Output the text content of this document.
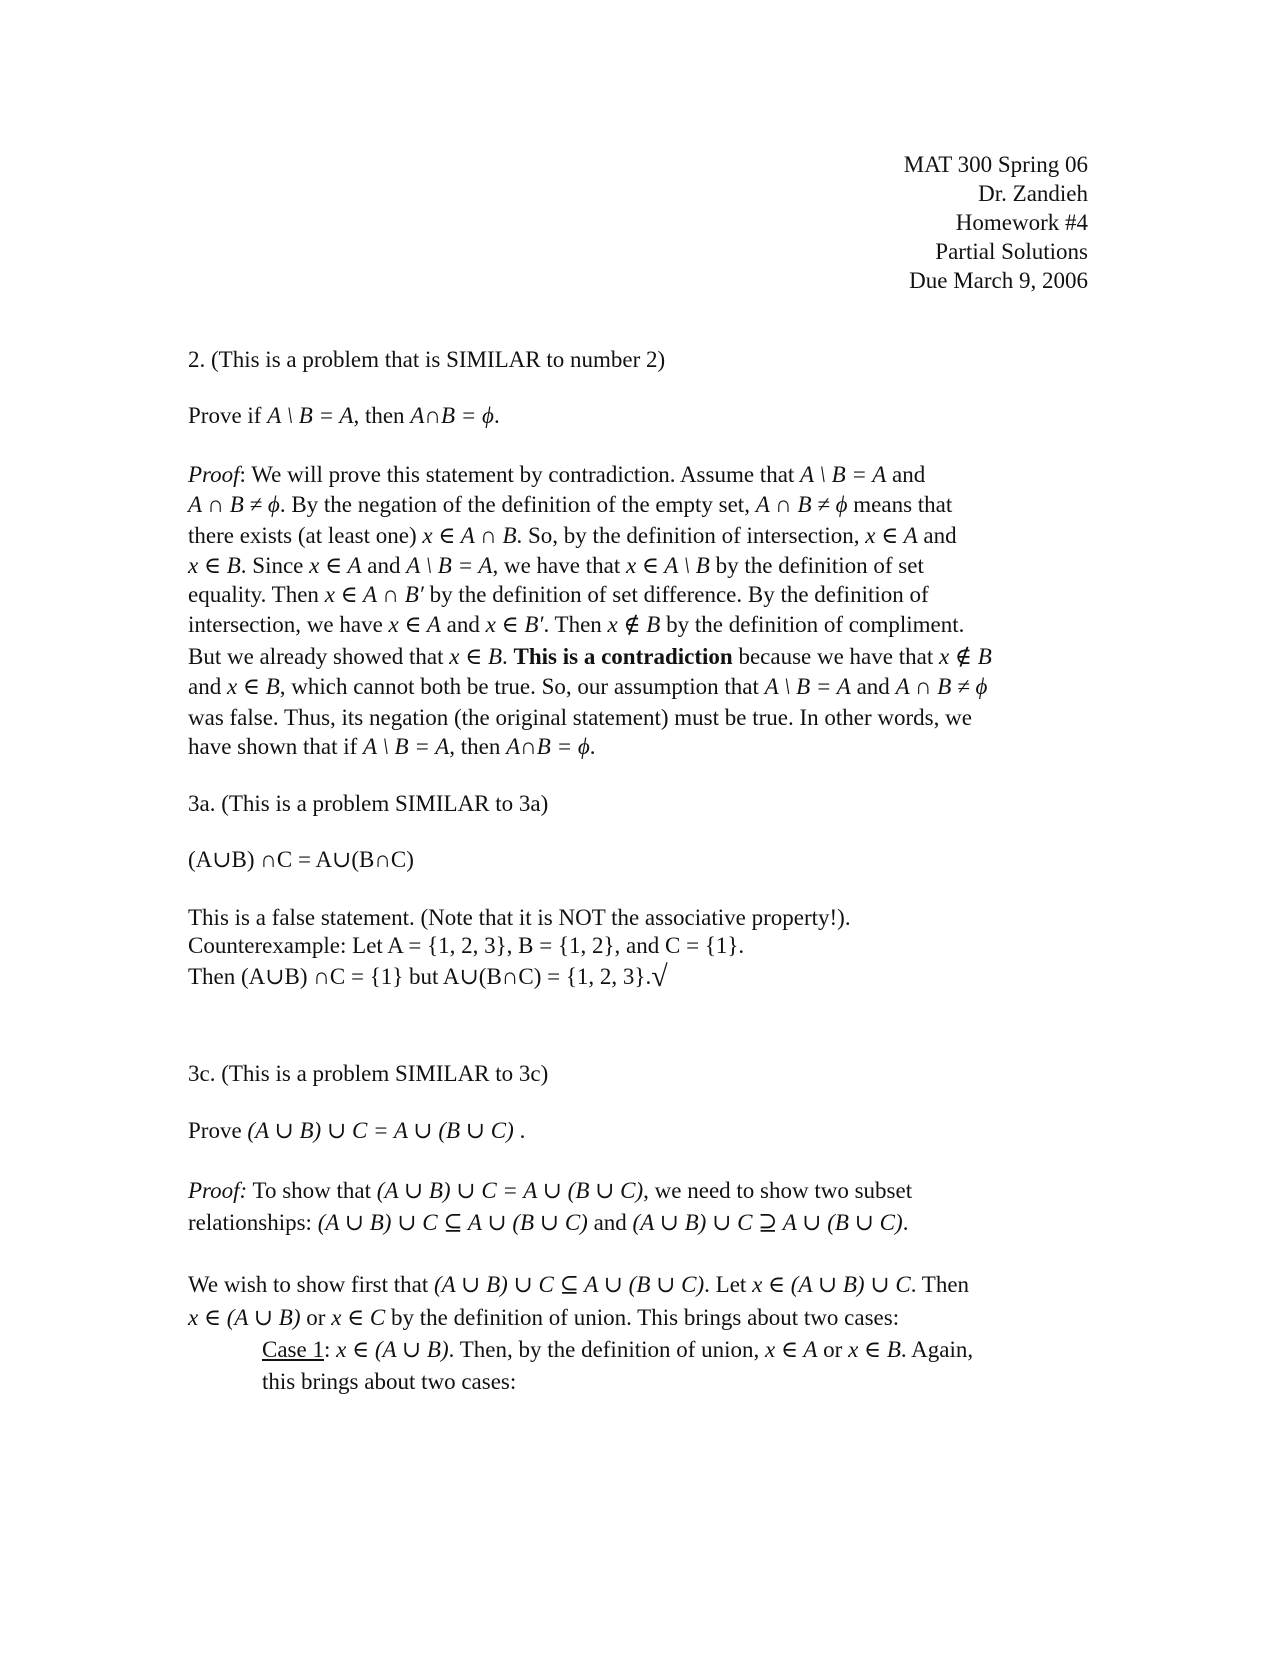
MAT 300 Spring 06
Dr. Zandieh
Homework #4
Partial Solutions
Due March 9, 2006
2. (This is a problem that is SIMILAR to number 2)
Prove if A \ B = A, then A∩B = ϕ.
Proof: We will prove this statement by contradiction. Assume that A \ B = A and
A ∩ B ≠ ϕ. By the negation of the definition of the empty set, A ∩ B ≠ ϕ means that
there exists (at least one) x ∈ A ∩ B. So, by the definition of intersection, x ∈ A and
x ∈ B. Since x ∈ A and A \ B = A, we have that x ∈ A \ B by the definition of set
equality. Then x ∈ A ∩ B′ by the definition of set difference. By the definition of
intersection, we have x ∈ A and x ∈ B′. Then x ∉ B by the definition of compliment.
But we already showed that x ∈ B. This is a contradiction because we have that x ∉ B
and x ∈ B, which cannot both be true. So, our assumption that A \ B = A and A ∩ B ≠ ϕ
was false. Thus, its negation (the original statement) must be true. In other words, we
have shown that if A \ B = A, then A∩B = ϕ.
3a. (This is a problem SIMILAR to 3a)
(A∪B) ∩C = A∪(B∩C)
This is a false statement. (Note that it is NOT the associative property!).
Counterexample: Let A = {1, 2, 3}, B = {1, 2}, and C = {1}.
Then (A∪B) ∩C = {1} but A∪(B∩C) = {1, 2, 3}.√
3c. (This is a problem SIMILAR to 3c)
Prove (A ∪ B) ∪ C = A ∪ (B ∪ C) .
Proof: To show that (A ∪ B) ∪ C = A ∪ (B ∪ C), we need to show two subset
relationships: (A ∪ B) ∪ C ⊆ A ∪ (B ∪ C) and (A ∪ B) ∪ C ⊇ A ∪ (B ∪ C).
We wish to show first that (A ∪ B) ∪ C ⊆ A ∪ (B ∪ C). Let x ∈ (A ∪ B) ∪ C. Then
x ∈ (A ∪ B) or x ∈ C by the definition of union. This brings about two cases:
Case 1: x ∈ (A ∪ B). Then, by the definition of union, x ∈ A or x ∈ B. Again,
this brings about two cases:
